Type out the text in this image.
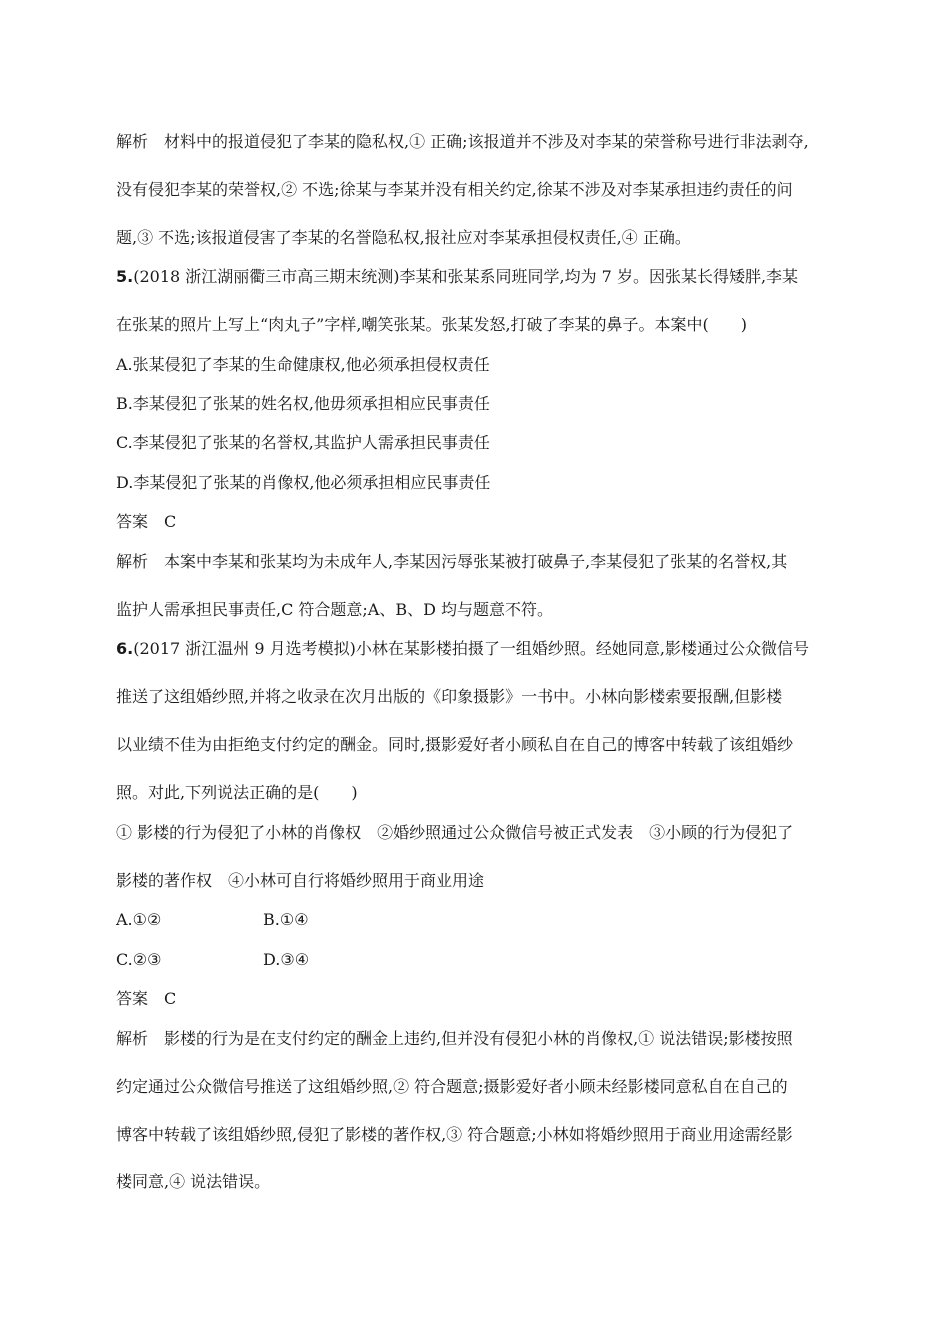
解析　材料中的报道侵犯了李某的隐私权,① 正确;该报道并不涉及对李某的荣誉称号进行非法剥夺,
没有侵犯李某的荣誉权,② 不选;徐某与李某并没有相关约定,徐某不涉及对李某承担违约责任的问
题,③ 不选;该报道侵害了李某的名誉隐私权,报社应对李某承担侵权责任,④ 正确。
5.(2018 浙江湖丽衢三市高三期末统测)李某和张某系同班同学,均为 7 岁。因张某长得矮胖,李某
在张某的照片上写上“肉丸子”字样,嘲笑张某。张某发怒,打破了李某的鼻子。本案中(　　)
A.张某侵犯了李某的生命健康权,他必须承担侵权责任
B.李某侵犯了张某的姓名权,他毋须承担相应民事责任
C.李某侵犯了张某的名誉权,其监护人需承担民事责任
D.李某侵犯了张某的肖像权,他必须承担相应民事责任
答案　C
解析　本案中李某和张某均为未成年人,李某因污辱张某被打破鼻子,李某侵犯了张某的名誉权,其
监护人需承担民事责任,C 符合题意;A、B、D 均与题意不符。
6.(2017 浙江温州 9 月选考模拟)小林在某影楼拍摄了一组婚纱照。经她同意,影楼通过公众微信号
推送了这组婚纱照,并将之收录在次月出版的《印象摄影》一书中。小林向影楼索要报酬,但影楼
以业绩不佳为由拒绝支付约定的酬金。同时,摄影爱好者小顾私自在自己的博客中转载了该组婚纱
照。对此,下列说法正确的是(　　)
① 影楼的行为侵犯了小林的肖像权　②婚纱照通过公众微信号被正式发表　③小顾的行为侵犯了
影楼的著作权　④小林可自行将婚纱照用于商业用途
A.①②	B.①④
C.②③	D.③④
答案　C
解析　影楼的行为是在支付约定的酬金上违约,但并没有侵犯小林的肖像权,① 说法错误;影楼按照
约定通过公众微信号推送了这组婚纱照,② 符合题意;摄影爱好者小顾未经影楼同意私自在自己的
博客中转载了该组婚纱照,侵犯了影楼的著作权,③ 符合题意;小林如将婚纱照用于商业用途需经影
楼同意,④ 说法错误。
